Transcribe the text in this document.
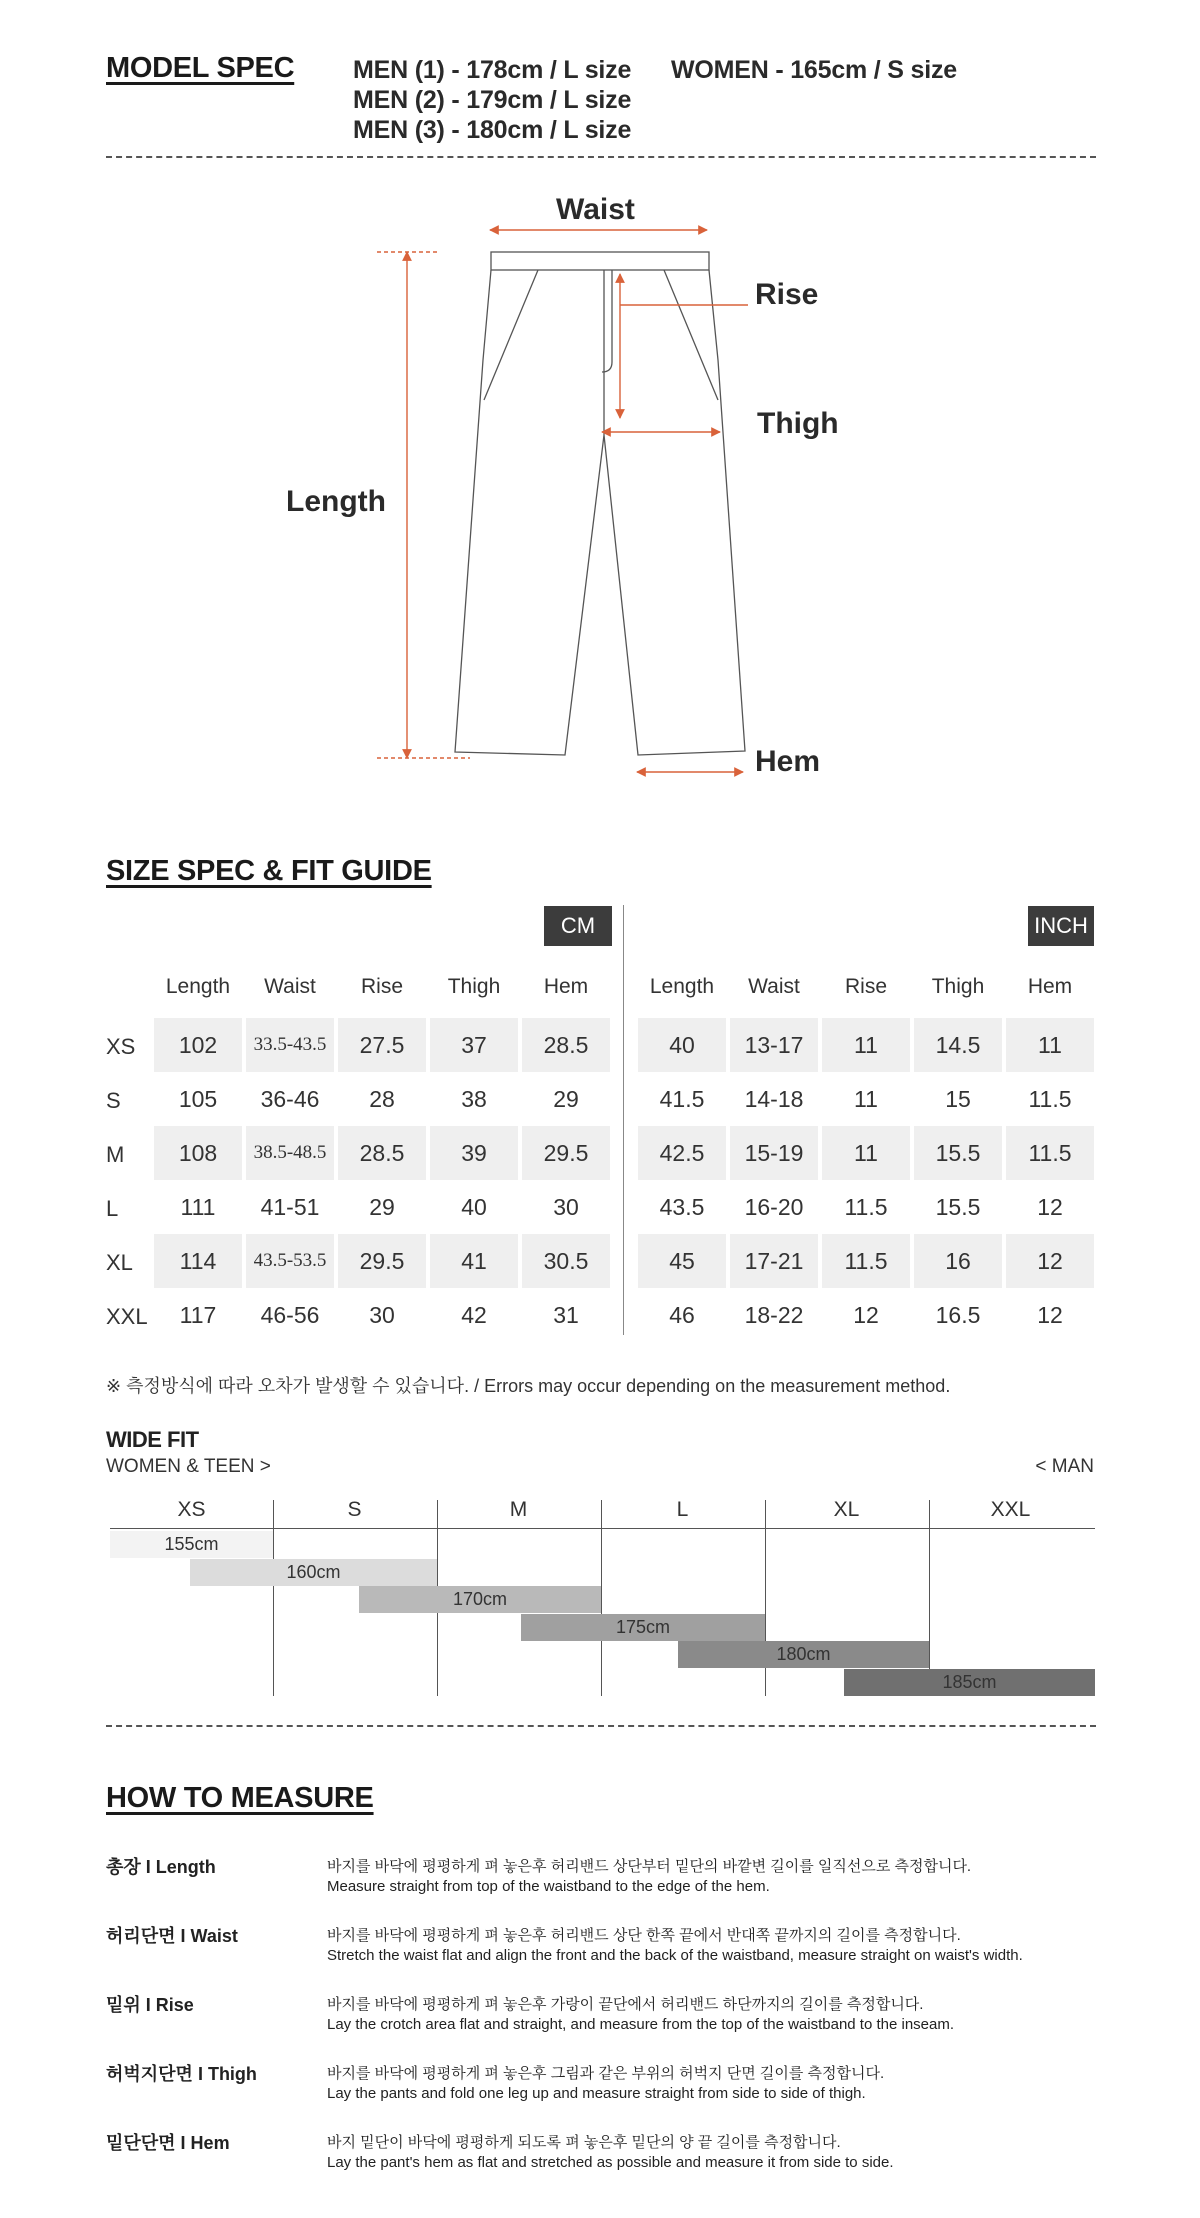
MODEL SPEC MEN (1) - 178cm / L size
MEN (2) - 179cm / L size
MEN (3) - 180cm / L size
WOMEN - 165cm / S size
Waist
Rise
Thigh
Length
Hem
SIZE SPEC & FIT GUIDE
CM	INCH
Length	Length
Waist	Waist
Rise	Rise
Thigh	Thigh
Hem	Hem
XS	102	33.5-43.5	27.5	37	28.5	40	13-17	11	14.5	11
S	105	36-46	28	38	29	41.5	14-18	11	15	11.5
M	108	38.5-48.5	28.5	39	29.5	42.5	15-19	11	15.5	11.5
L	111	41-51	29	40	30	43.5	16-20	11.5	15.5	12
XL	114	43.5-53.5	29.5	41	30.5	45	17-21	11.5	16	12
XXL	117	46-56	30	42	31	46	18-22	12	16.5	12
※ 측정방식에 따라 오차가 발생할 수 있습니다. / Errors may occur depending on the measurement method.
WIDE FIT
WOMEN & TEEN >	< MAN
XS	S	M	L	XL	XXL
155cm
160cm
170cm
175cm
180cm
185cm
HOW TO MEASURE
총장 I Length	바지를 바닥에 평평하게 펴 놓은후 허리밴드 상단부터 밑단의 바깥변 길이를 일직선으로 측정합니다.
Measure straight from top of the waistband to the edge of the hem.
허리단면 I Waist	바지를 바닥에 평평하게 펴 놓은후 허리밴드 상단 한쪽 끝에서 반대쪽 끝까지의 길이를 측정합니다.
Stretch the waist flat and align the front and the back of the waistband, measure straight on waist's width.
밑위 I Rise	바지를 바닥에 평평하게 펴 놓은후 가랑이 끝단에서 허리밴드 하단까지의 길이를 측정합니다.
Lay the crotch area flat and straight, and measure from the top of the waistband to the inseam.
허벅지단면 I Thigh	바지를 바닥에 평평하게 펴 놓은후 그림과 같은 부위의 허벅지 단면 길이를 측정합니다.
Lay the pants and fold one leg up and measure straight from side to side of thigh.
밑단단면 I Hem	바지 밑단이 바닥에 평평하게 되도록 펴 놓은후 밑단의 양 끝 길이를 측정합니다.
Lay the pant's hem as flat and stretched as possible and measure it from side to side.
